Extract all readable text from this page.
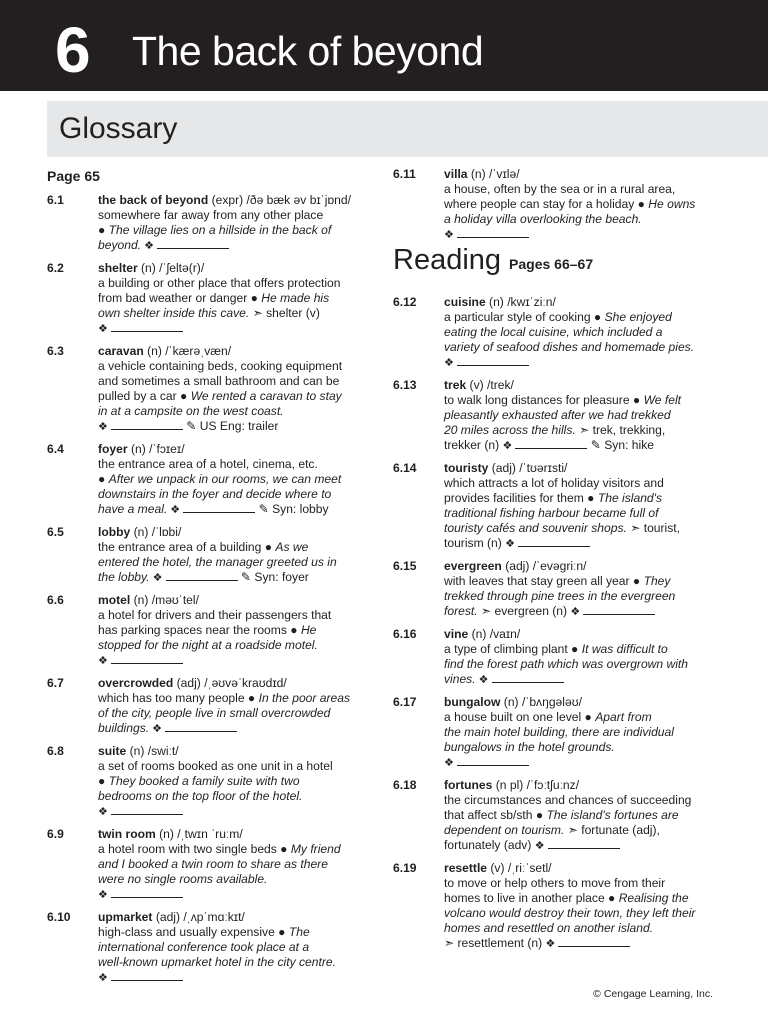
6 The back of beyond
Glossary
Page 65
6.1	the back of beyond (expr) /ðə bæk əv bɪˈjɒnd/
somewhere far away from any other place
● The village lies on a hillside in the back of
beyond. ❖
6.2	shelter (n) /ˈʃeltə(r)/
a building or other place that offers protection
from bad weather or danger ● He made his
own shelter inside this cave. ➣ shelter (v)
❖
6.3	caravan (n) /ˈkærəˌvæn/
a vehicle containing beds, cooking equipment
and sometimes a small bathroom and can be
pulled by a car ● We rented a caravan to stay
in at a campsite on the west coast.
❖	✎ US Eng: trailer
6.4	foyer (n) /ˈfɔɪeɪ/
the entrance area of a hotel, cinema, etc.
● After we unpack in our rooms, we can meet
downstairs in the foyer and decide where to
have a meal. ❖	✎ Syn: lobby
6.5	lobby (n) /ˈlɒbi/
the entrance area of a building ● As we
entered the hotel, the manager greeted us in
the lobby. ❖	✎ Syn: foyer
6.6	motel (n) /məʊˈtel/
a hotel for drivers and their passengers that
has parking spaces near the rooms ● He
stopped for the night at a roadside motel.
❖
6.7	overcrowded (adj) /ˌəʊvəˈkraʊdɪd/
which has too many people ● In the poor areas
of the city, people live in small overcrowded
buildings. ❖
6.8	suite (n) /swiːt/
a set of rooms booked as one unit in a hotel
● They booked a family suite with two
bedrooms on the top floor of the hotel.
❖
6.9	twin room (n) /ˌtwɪn ˈruːm/
a hotel room with two single beds ● My friend
and I booked a twin room to share as there
were no single rooms available.
❖
6.10	upmarket (adj) /ˌʌpˈmɑːkɪt/
high-class and usually expensive ● The
international conference took place at a
well-known upmarket hotel in the city centre.
❖
6.11	villa (n) /ˈvɪlə/
a house, often by the sea or in a rural area,
where people can stay for a holiday ● He owns
a holiday villa overlooking the beach.
❖
Reading Pages 66–67
6.12	cuisine (n) /kwɪˈziːn/
a particular style of cooking ● She enjoyed
eating the local cuisine, which included a
variety of seafood dishes and homemade pies.
❖
6.13	trek (v) /trek/
to walk long distances for pleasure ● We felt
pleasantly exhausted after we had trekked
20 miles across the hills. ➣ trek, trekking,
trekker (n) ❖	✎ Syn: hike
6.14	touristy (adj) /ˈtʊərɪsti/
which attracts a lot of holiday visitors and
provides facilities for them ● The island's
traditional fishing harbour became full of
touristy cafés and souvenir shops. ➣ tourist,
tourism (n) ❖
6.15	evergreen (adj) /ˈevəgriːn/
with leaves that stay green all year ● They
trekked through pine trees in the evergreen
forest. ➣ evergreen (n) ❖
6.16	vine (n) /vaɪn/
a type of climbing plant ● It was difficult to
find the forest path which was overgrown with
vines. ❖
6.17	bungalow (n) /ˈbʌŋgələʊ/
a house built on one level ● Apart from
the main hotel building, there are individual
bungalows in the hotel grounds.
❖
6.18	fortunes (n pl) /ˈfɔːtʃuːnz/
the circumstances and chances of succeeding
that affect sb/sth ● The island's fortunes are
dependent on tourism. ➣ fortunate (adj),
fortunately (adv) ❖
6.19	resettle (v) /ˌriːˈsetl/
to move or help others to move from their
homes to live in another place ● Realising the
volcano would destroy their town, they left their
homes and resettled on another island.
➣ resettlement (n) ❖
© Cengage Learning, Inc.
